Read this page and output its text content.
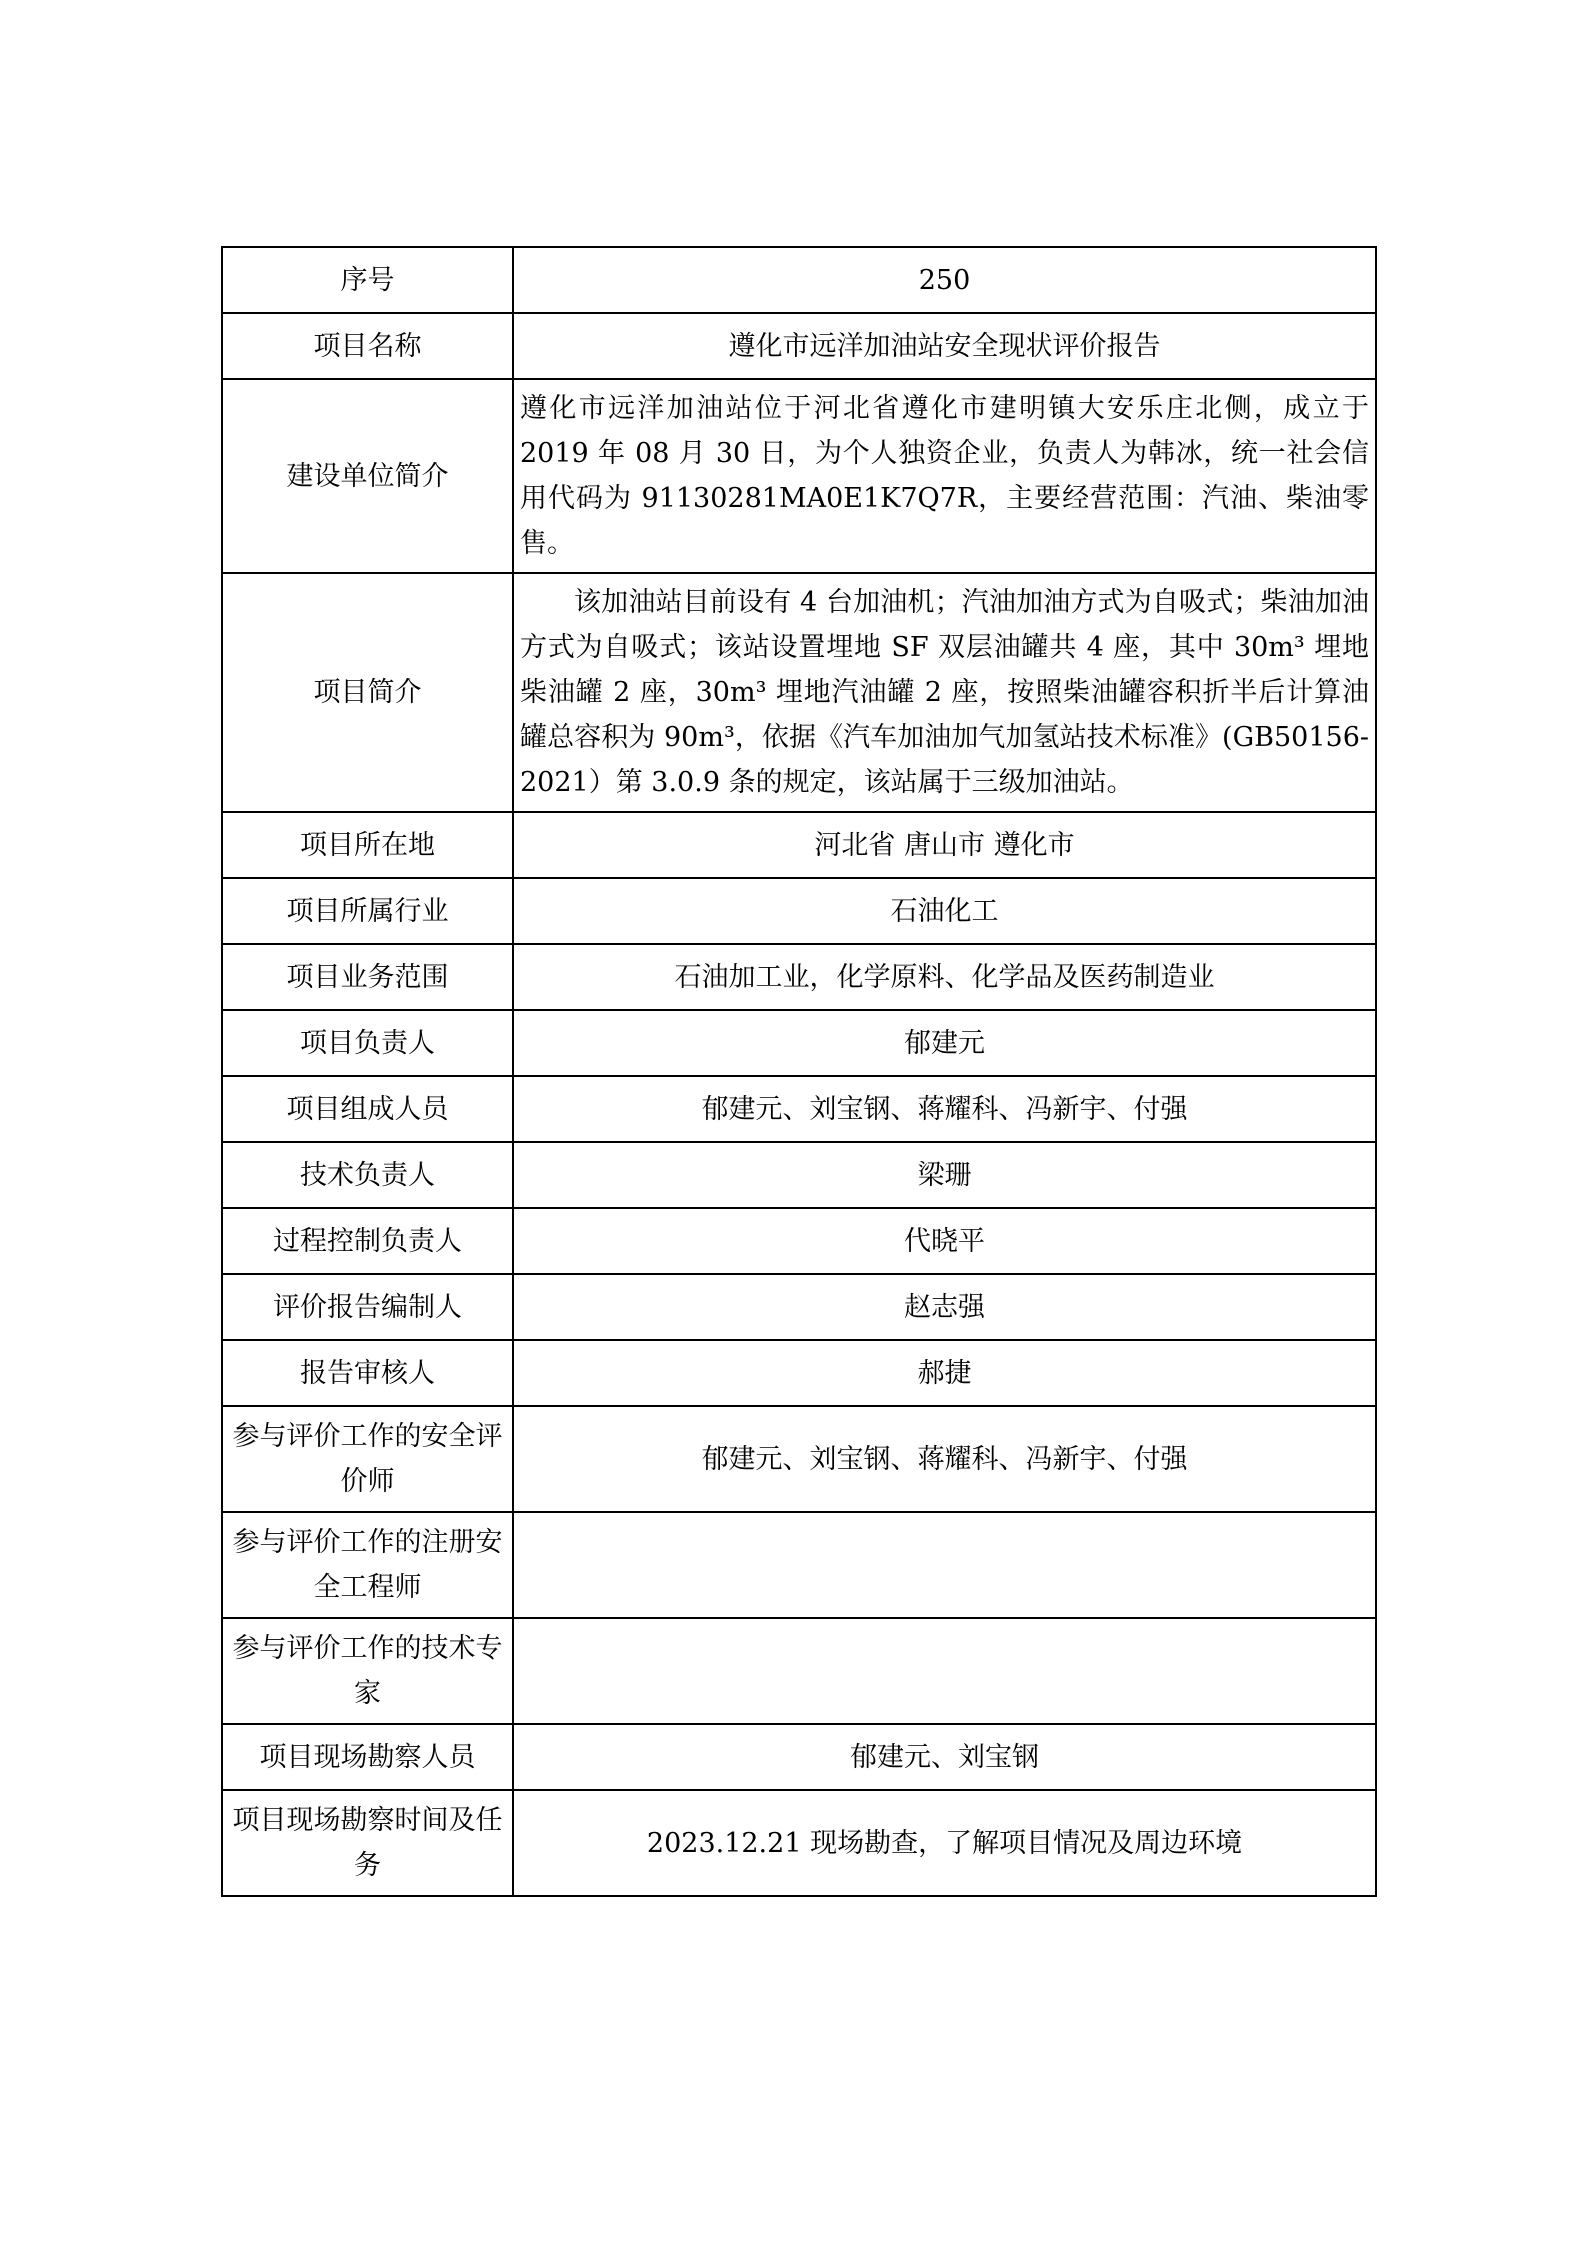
序号	250
项目名称	遵化市远洋加油站安全现状评价报告
建设单位简介	遵化市远洋加油站位于河北省遵化市建明镇大安乐庄北侧，成立于 2019 年 08 月 30 日，为个人独资企业，负责人为韩冰，统一社会信用代码为 91130281MA0E1K7Q7R，主要经营范围：汽油、柴油零售。
项目简介	该加油站目前设有 4 台加油机；汽油加油方式为自吸式；柴油加油方式为自吸式；该站设置埋地 SF 双层油罐共 4 座，其中 30m³ 埋地柴油罐 2 座，30m³ 埋地汽油罐 2 座，按照柴油罐容积折半后计算油罐总容积为 90m³，依据《汽车加油加气加氢站技术标准》(GB50156-2021）第 3.0.9 条的规定，该站属于三级加油站。
项目所在地	河北省 唐山市 遵化市
项目所属行业	石油化工
项目业务范围	石油加工业，化学原料、化学品及医药制造业
项目负责人	郁建元
项目组成人员	郁建元、刘宝钢、蒋耀科、冯新宇、付强
技术负责人	梁珊
过程控制负责人	代晓平
评价报告编制人	赵志强
报告审核人	郝捷
参与评价工作的安全评价师	郁建元、刘宝钢、蒋耀科、冯新宇、付强
参与评价工作的注册安全工程师	
参与评价工作的技术专家	
项目现场勘察人员	郁建元、刘宝钢
项目现场勘察时间及任务	2023.12.21 现场勘查，了解项目情况及周边环境
